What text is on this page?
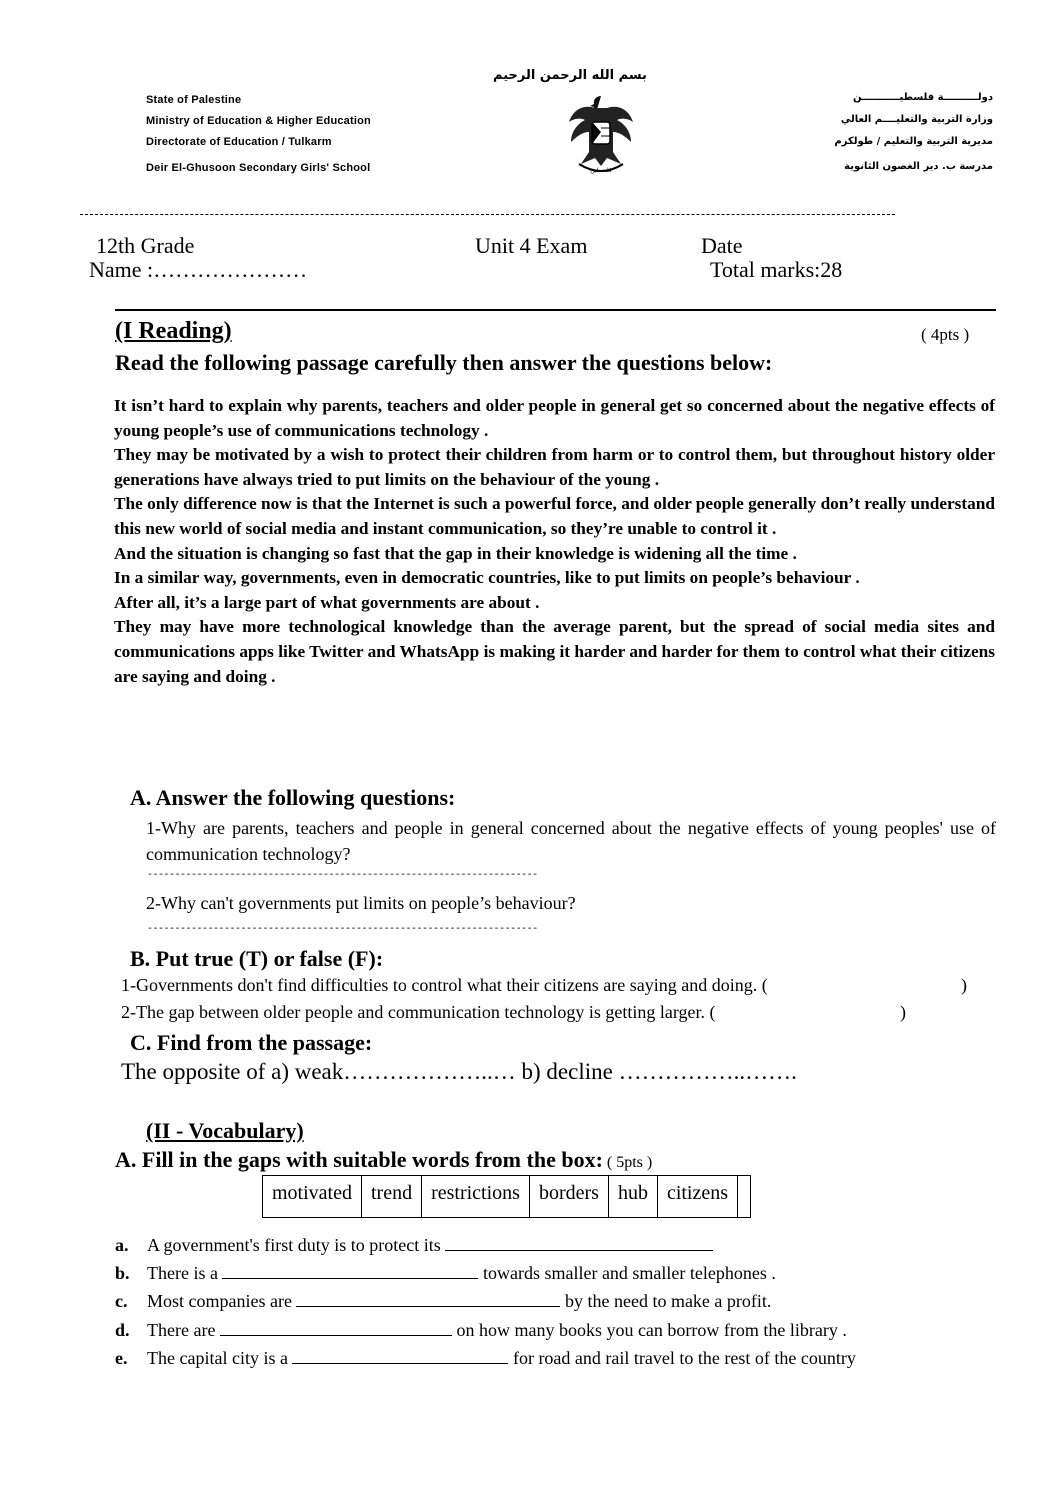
بسم الله الرحمن الرحيم
State of Palestine
Ministry of Education & Higher Education
Directorate of Education / Tulkarm
Deir El-Ghusoon Secondary Girls' School
دولــــــــــة فلسطيـــــــــــن
وزارة التربية والتعليــــم العالي
مديرية التربية والتعليم / طولكرم
مدرسة ب. دير الغصون الثانوية
فلسطين
12th Grade	Unit 4 Exam	Date
Name :…………………	Total marks:28
(I Reading)	( 4pts )
Read the following passage carefully then answer the questions below:

It isn’t hard to explain why parents, teachers and older people in general get so concerned about the negative effects of young people’s use of communications technology .

They may be motivated by a wish to protect their children from harm or to control them, but throughout history older generations have always tried to put limits on the behaviour of the young .

The only difference now is that the Internet is such a powerful force, and older people generally don’t really understand this new world of social media and instant communication, so they’re unable to control it .

And the situation is changing so fast that the gap in their knowledge is widening all the time .

In a similar way, governments, even in democratic countries, like to put limits on people’s behaviour .

After all, it’s a large part of what governments are about .

They may have more technological knowledge than the average parent, but the spread of social media sites and communications apps like Twitter and WhatsApp is making it harder and harder for them to control what their citizens are saying and doing .

A. Answer the following questions:
1-Why are parents, teachers and people in general concerned about the negative effects of young peoples' use of communication technology?
-----------------------------------------------------------------------
2-Why can't governments put limits on people’s behaviour?
-----------------------------------------------------------------------
B. Put true (T) or false (F):
1-Governments don't find difficulties to control what their citizens are saying and doing. (	)
2-The gap between older people and communication technology is getting larger. (	)
C. Find from the passage:
The opposite of a) weak………………..… b) decline ……………..…….
(II - Vocabulary)
A. Fill in the gaps with suitable words from the box: ( 5pts )
motivated	trend	restrictions	borders	hub	citizens	
a. A government's first duty is to protect its
b. There is a	towards smaller and smaller telephones .
c. Most companies are	by the need to make a profit.
d. There are	on how many books you can borrow from the library .
e. The capital city is a	for road and rail travel to the rest of the country
